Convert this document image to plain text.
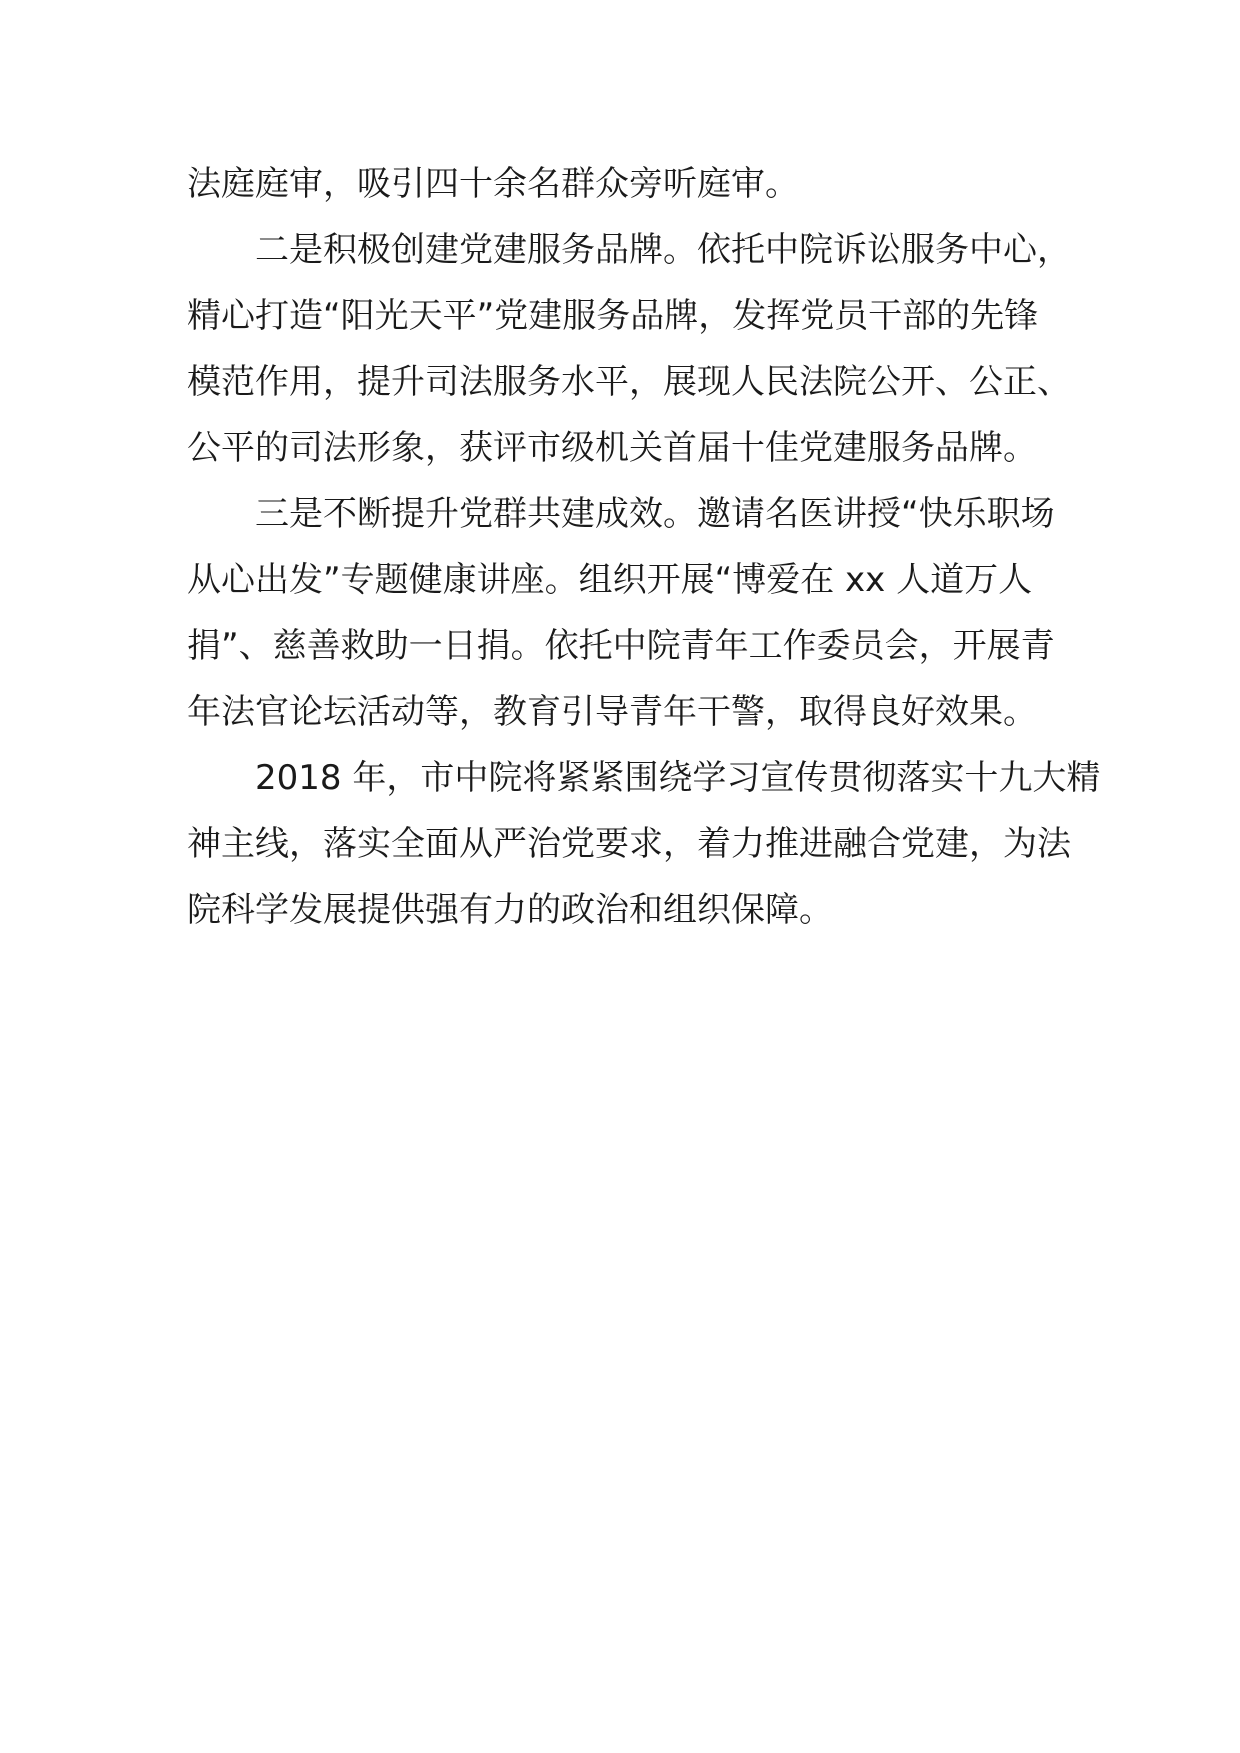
法庭庭审，吸引四十余名群众旁听庭审。

二是积极创建党建服务品牌。依托中院诉讼服务中心，
精心打造“阳光天平”党建服务品牌，发挥党员干部的先锋
模范作用，提升司法服务水平，展现人民法院公开、公正、
公平的司法形象，获评市级机关首届十佳党建服务品牌。

三是不断提升党群共建成效。邀请名医讲授“快乐职场
从心出发”专题健康讲座。组织开展“博爱在 xx 人道万人
捐”、慈善救助一日捐。依托中院青年工作委员会，开展青
年法官论坛活动等，教育引导青年干警，取得良好效果。

2018 年，市中院将紧紧围绕学习宣传贯彻落实十九大精
神主线，落实全面从严治党要求，着力推进融合党建，为法
院科学发展提供强有力的政治和组织保障。
